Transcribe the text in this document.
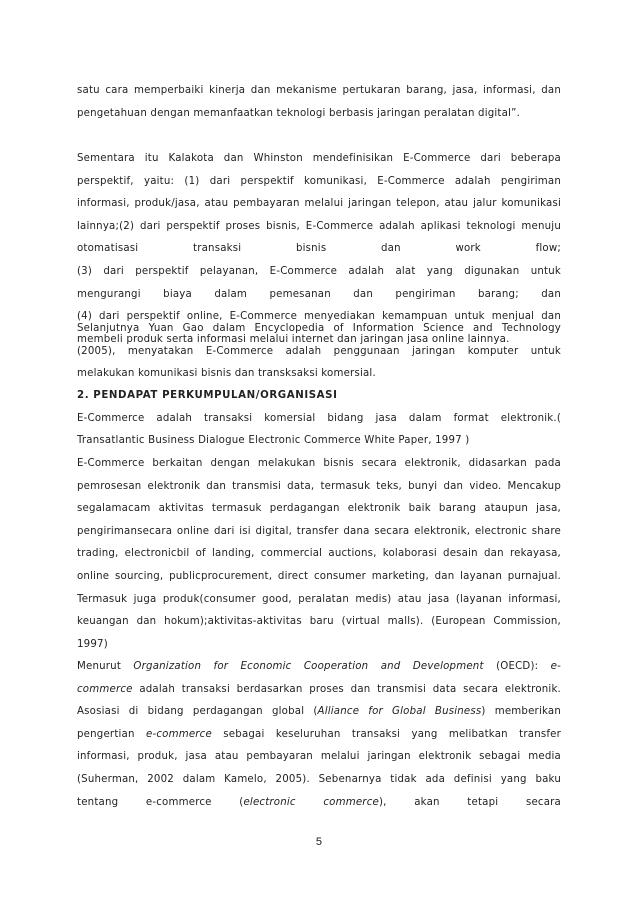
satu cara memperbaiki kinerja dan mekanisme pertukaran barang, jasa, informasi, dan
pengetahuan dengan memanfaatkan teknologi berbasis jaringan peralatan digital”.
Sementara itu Kalakota dan Whinston mendefinisikan E-Commerce dari beberapa
perspektif, yaitu: (1) dari perspektif komunikasi, E-Commerce adalah pengiriman
informasi, produk/jasa, atau pembayaran melalui jaringan telepon, atau jalur komunikasi
lainnya;(2) dari perspektif proses bisnis, E-Commerce adalah aplikasi teknologi menuju
otomatisasi transaksi bisnis dan work flow;
(3) dari perspektif pelayanan, E-Commerce adalah alat yang digunakan untuk
mengurangi biaya dalam pemesanan dan pengiriman barang; dan
(4) dari perspektif online, E-Commerce menyediakan kemampuan untuk menjual dan
membeli produk serta informasi melalui internet dan jaringan jasa online lainnya.
Selanjutnya Yuan Gao dalam Encyclopedia of Information Science and Technology
(2005), menyatakan E-Commerce adalah penggunaan jaringan komputer untuk
melakukan komunikasi bisnis dan transksaksi komersial.
2. PENDAPAT PERKUMPULAN/ORGANISASI
E-Commerce adalah transaksi komersial bidang jasa dalam format elektronik.(
Transatlantic Business Dialogue Electronic Commerce White Paper, 1997 )
E-Commerce berkaitan dengan melakukan bisnis secara elektronik, didasarkan pada
pemrosesan elektronik dan transmisi data, termasuk teks, bunyi dan video. Mencakup
segalamacam aktivitas termasuk perdagangan elektronik baik barang ataupun jasa,
pengirimansecara online dari isi digital, transfer dana secara elektronik, electronic share
trading, electronicbil of landing, commercial auctions, kolaborasi desain dan rekayasa,
online sourcing, publicprocurement, direct consumer marketing, dan layanan purnajual.
Termasuk juga produk(consumer good, peralatan medis) atau jasa (layanan informasi,
keuangan dan hokum);aktivitas-aktivitas baru (virtual malls). (European Commission,
1997)
Menurut Organization for Economic Cooperation and Development (OECD): e-
commerce adalah transaksi berdasarkan proses dan transmisi data secara elektronik.
Asosiasi di bidang perdagangan global (Alliance for Global Business) memberikan
pengertian e-commerce sebagai keseluruhan transaksi yang melibatkan transfer
informasi, produk, jasa atau pembayaran melalui jaringan elektronik sebagai media
(Suherman, 2002 dalam Kamelo, 2005). Sebenarnya tidak ada definisi yang baku
tentang e-commerce (electronic commerce), akan tetapi secara
5
